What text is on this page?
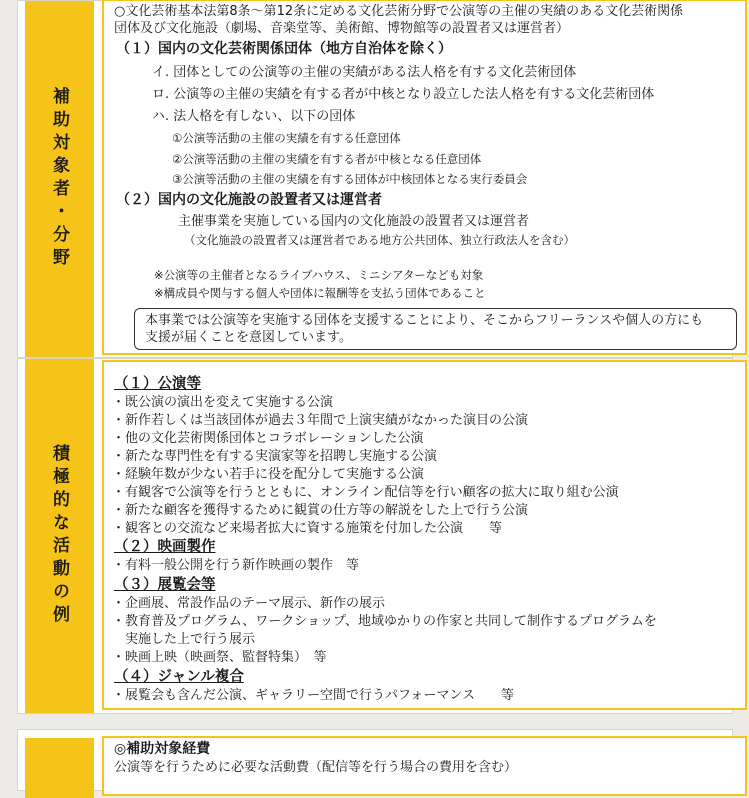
補助対象者・分野
○文化芸術基本法第8条～第12条に定める文化芸術分野で公演等の主催の実績のある文化芸術関係
団体及び文化施設（劇場、音楽堂等、美術館、博物館等の設置者又は運営者）
（１）国内の文化芸術関係団体（地方自治体を除く）
イ. 団体としての公演等の主催の実績がある法人格を有する文化芸術団体
ロ. 公演等の主催の実績を有する者が中核となり設立した法人格を有する文化芸術団体
ハ. 法人格を有しない、以下の団体
①公演等活動の主催の実績を有する任意団体
②公演等活動の主催の実績を有する者が中核となる任意団体
③公演等活動の主催の実績を有する団体が中核団体となる実行委員会
（２）国内の文化施設の設置者又は運営者
主催事業を実施している国内の文化施設の設置者又は運営者
（文化施設の設置者又は運営者である地方公共団体、独立行政法人を含む）
※公演等の主催者となるライブハウス、ミニシアターなども対象
※構成員や関与する個人や団体に報酬等を支払う団体であること
本事業では公演等を実施する団体を支援することにより、そこからフリーランスや個人の方にも
支援が届くことを意図しています。
積極的な活動の例
（１）公演等
・既公演の演出を変えて実施する公演
・新作若しくは当該団体が過去３年間で上演実績がなかった演目の公演
・他の文化芸術関係団体とコラボレーションした公演
・新たな専門性を有する実演家等を招聘し実施する公演
・経験年数が少ない若手に役を配分して実施する公演
・有観客で公演等を行うとともに、オンライン配信等を行い顧客の拡大に取り組む公演
・新たな顧客を獲得するために観賞の仕方等の解説をした上で行う公演
・観客との交流など来場者拡大に資する施策を付加した公演　　等
（２）映画製作
・有料一般公開を行う新作映画の製作　等
（３）展覧会等
・企画展、常設作品のテーマ展示、新作の展示
・教育普及プログラム、ワークショップ、地域ゆかりの作家と共同して制作するプログラムを
　実施した上で行う展示
・映画上映（映画祭、監督特集）　等
（４）ジャンル複合
・展覧会も含んだ公演、ギャラリー空間で行うパフォーマンス　　等
◎補助対象経費
公演等を行うために必要な活動費（配信等を行う場合の費用を含む）
